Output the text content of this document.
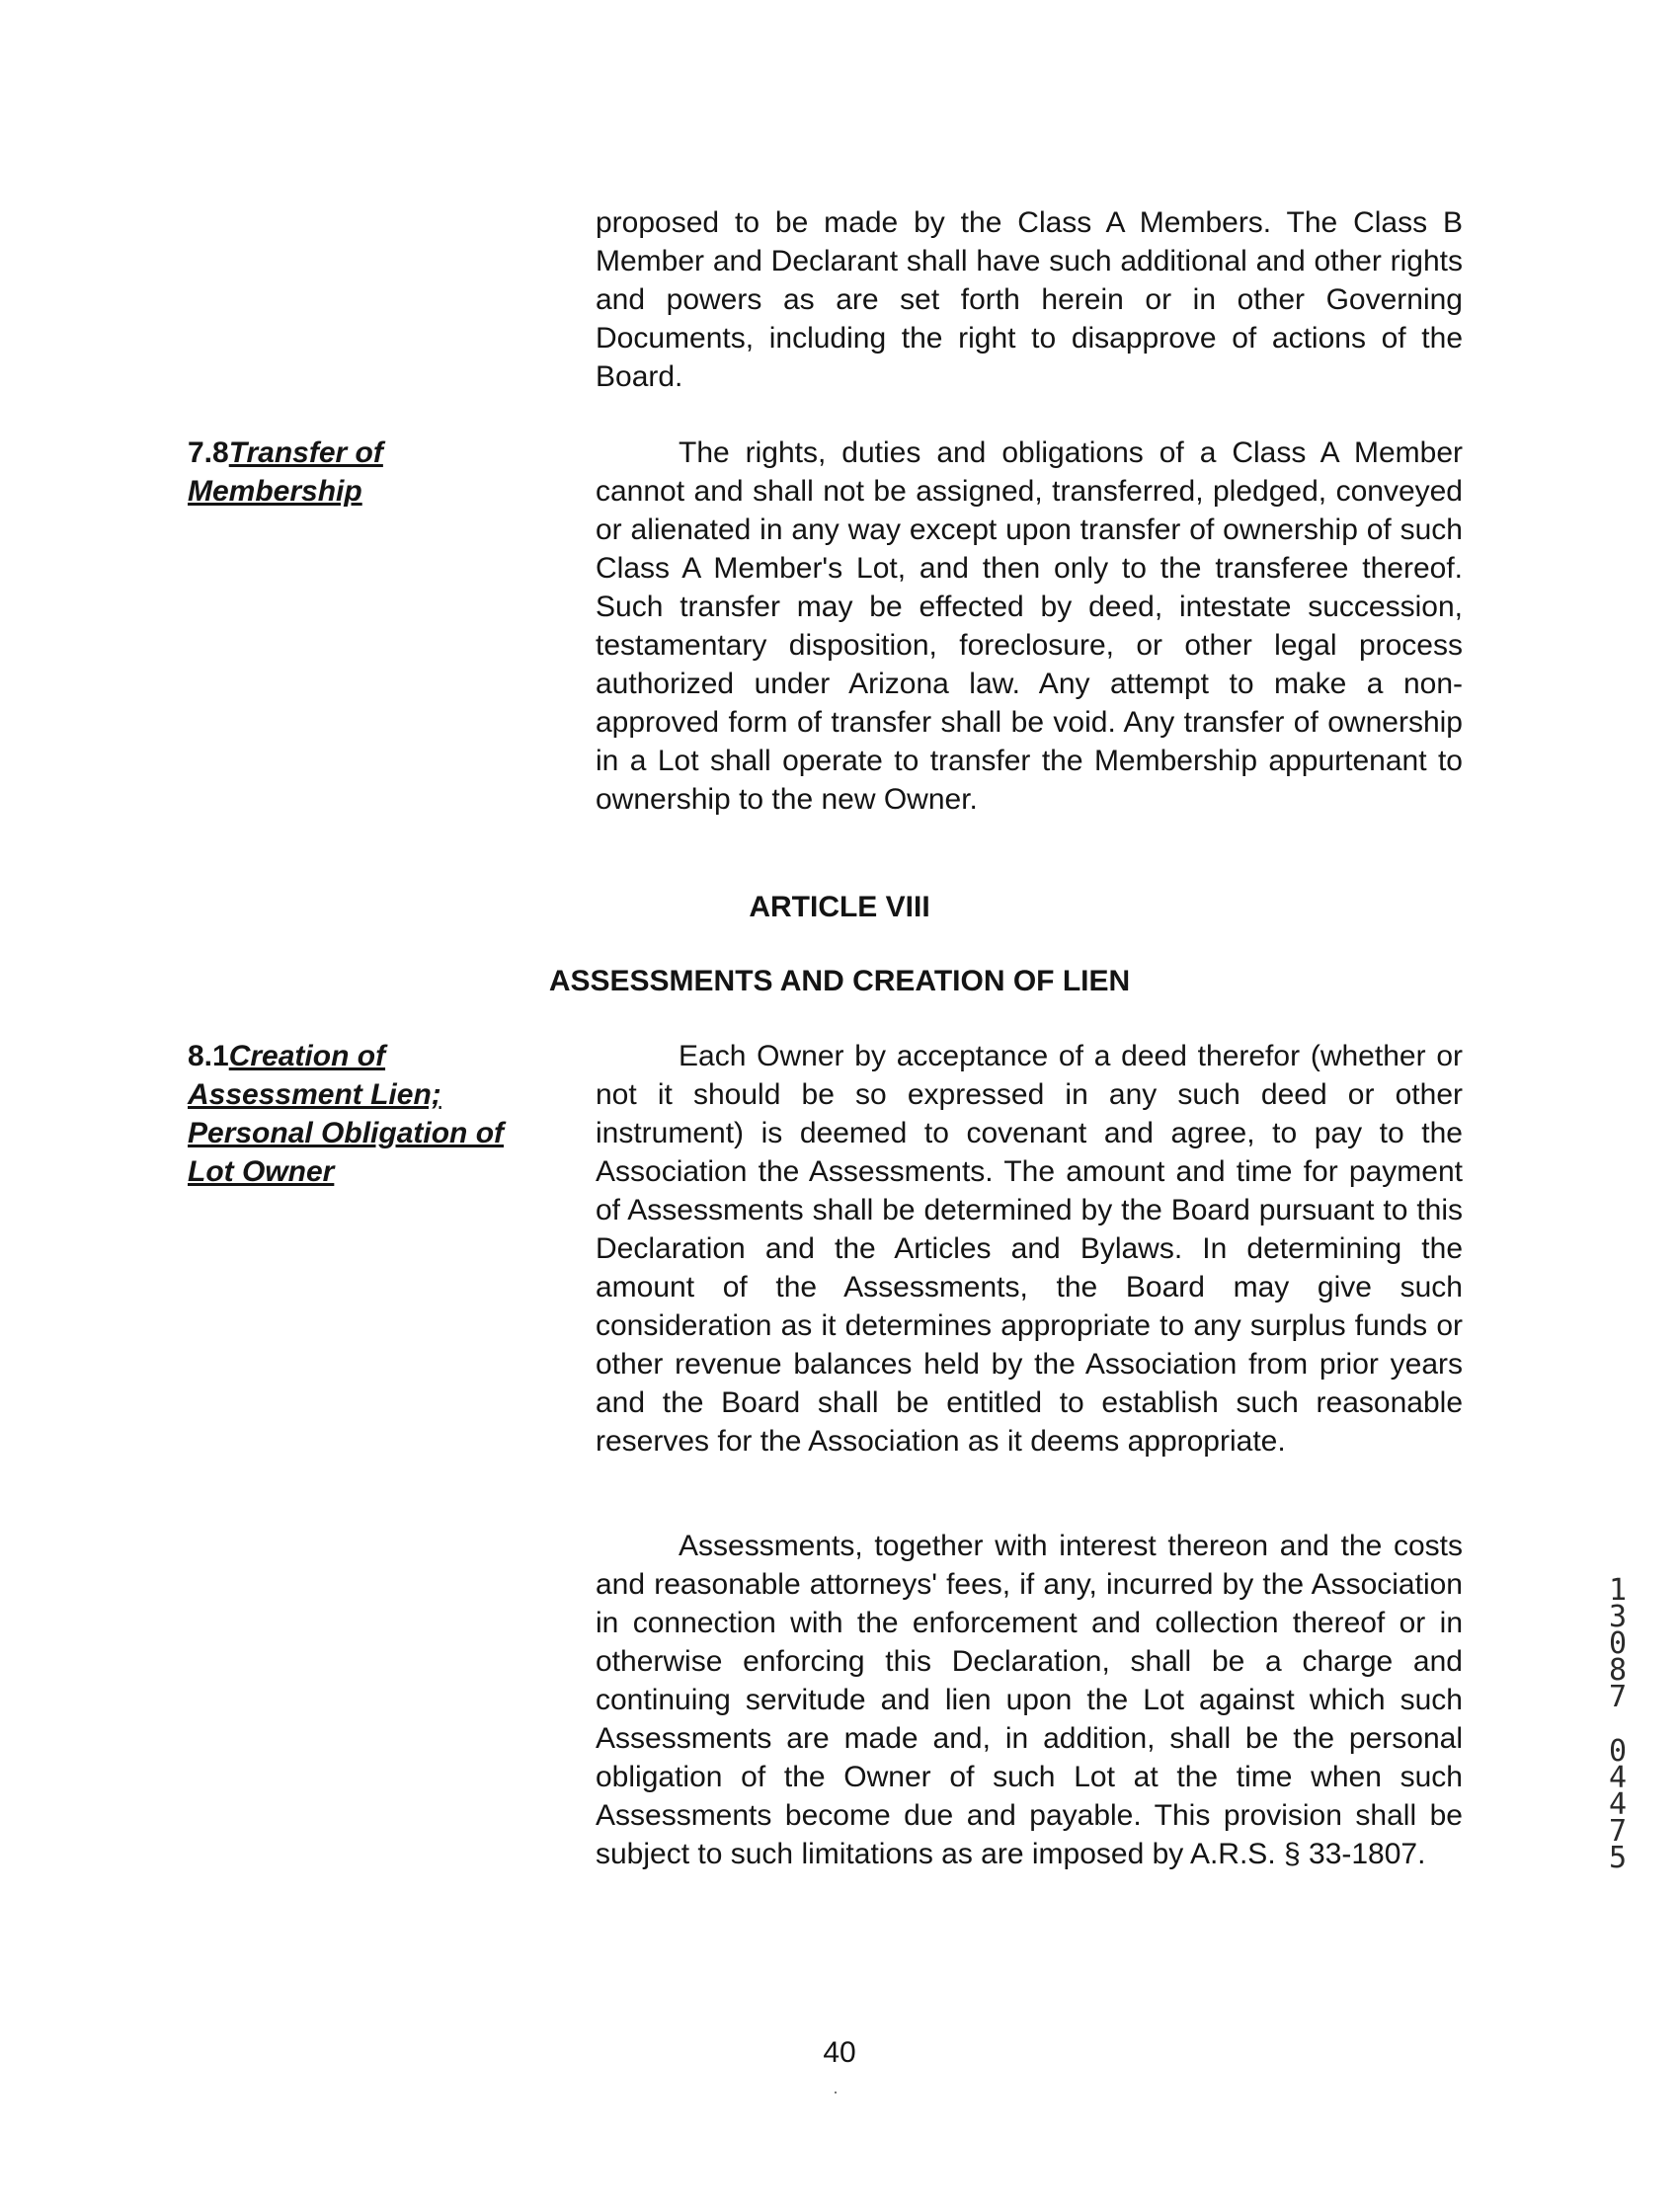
proposed to be made by the Class A Members. The Class B Member and Declarant shall have such additional and other rights and powers as are set forth herein or in other Governing Documents, including the right to disapprove of actions of the Board.

7.8Transfer of
Membership

The rights, duties and obligations of a Class A Member cannot and shall not be assigned, transferred, pledged, conveyed or alienated in any way except upon transfer of ownership of such Class A Member's Lot, and then only to the transferee thereof. Such transfer may be effected by deed, intestate succession, testamentary disposition, foreclosure, or other legal process authorized under Arizona law. Any attempt to make a non-approved form of transfer shall be void. Any transfer of ownership in a Lot shall operate to transfer the Membership appurtenant to ownership to the new Owner.

ARTICLE VIII
ASSESSMENTS AND CREATION OF LIEN
8.1Creation of
Assessment Lien;
Personal Obligation of
Lot Owner

Each Owner by acceptance of a deed therefor (whether or not it should be so expressed in any such deed or other instrument) is deemed to covenant and agree, to pay to the Association the Assessments. The amount and time for payment of Assessments shall be determined by the Board pursuant to this Declaration and the Articles and Bylaws. In determining the amount of the Assessments, the Board may give such consideration as it determines appropriate to any surplus funds or other revenue balances held by the Association from prior years and the Board shall be entitled to establish such reasonable reserves for the Association as it deems appropriate.

Assessments, together with interest thereon and the costs and reasonable attorneys' fees, if any, incurred by the Association in connection with the enforcement and collection thereof or in otherwise enforcing this Declaration, shall be a charge and continuing servitude and lien upon the Lot against which such Assessments are made and, in addition, shall be the personal obligation of the Owner of such Lot at the time when such Assessments become due and payable. This provision shall be subject to such limitations as are imposed by A.R.S. § 33-1807.

40
1
3
0
8
7
0
4
4
7
5
